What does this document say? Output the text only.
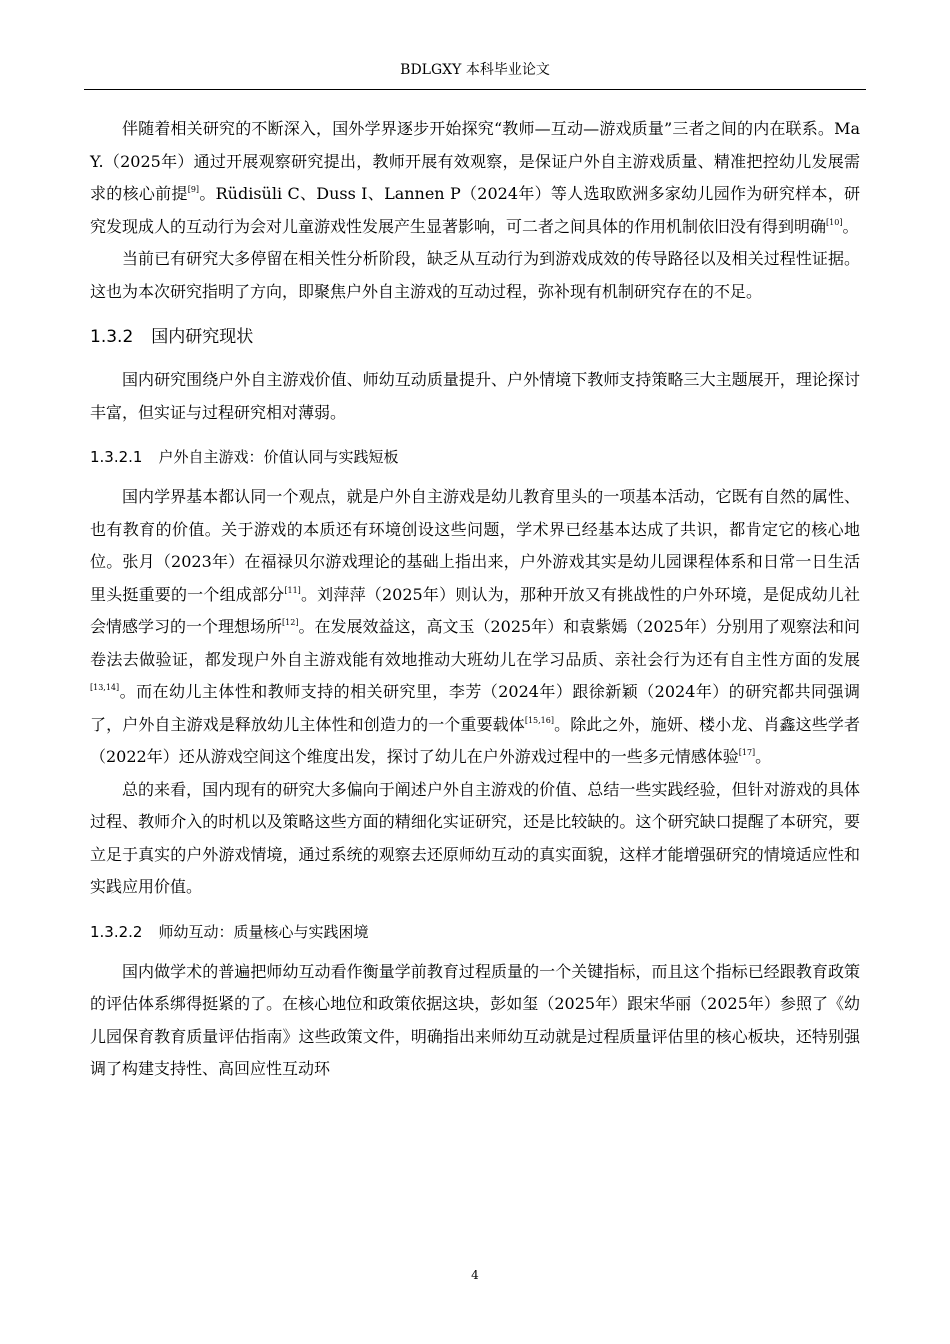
BDLGXY 本科毕业论文

伴随着相关研究的不断深入，国外学界逐步开始探究“教师—互动—游戏质量”三者之间的内在联系。Ma Y.（2025年）通过开展观察研究提出，教师开展有效观察，是保证户外自主游戏质量、精准把控幼儿发展需求的核心前提[9]。Rüdisüli C、Duss I、Lannen P（2024年）等人选取欧洲多家幼儿园作为研究样本，研究发现成人的互动行为会对儿童游戏性发展产生显著影响，可二者之间具体的作用机制依旧没有得到明确[10]。

当前已有研究大多停留在相关性分析阶段，缺乏从互动行为到游戏成效的传导路径以及相关过程性证据。这也为本次研究指明了方向，即聚焦户外自主游戏的互动过程，弥补现有机制研究存在的不足。

1.3.2 国内研究现状

国内研究围绕户外自主游戏价值、师幼互动质量提升、户外情境下教师支持策略三大主题展开，理论探讨丰富，但实证与过程研究相对薄弱。

1.3.2.1 户外自主游戏：价值认同与实践短板

国内学界基本都认同一个观点，就是户外自主游戏是幼儿教育里头的一项基本活动，它既有自然的属性、也有教育的价值。关于游戏的本质还有环境创设这些问题，学术界已经基本达成了共识，都肯定它的核心地位。张月（2023年）在福禄贝尔游戏理论的基础上指出来，户外游戏其实是幼儿园课程体系和日常一日生活里头挺重要的一个组成部分[11]。刘萍萍（2025年）则认为，那种开放又有挑战性的户外环境，是促成幼儿社会情感学习的一个理想场所[12]。在发展效益这，高文玉（2025年）和袁紫嫣（2025年）分别用了观察法和问卷法去做验证，都发现户外自主游戏能有效地推动大班幼儿在学习品质、亲社会行为还有自主性方面的发展[13,14]。而在幼儿主体性和教师支持的相关研究里，李芳（2024年）跟徐新颖（2024年）的研究都共同强调了，户外自主游戏是释放幼儿主体性和创造力的一个重要载体[15,16]。除此之外，施妍、楼小龙、肖鑫这些学者（2022年）还从游戏空间这个维度出发，探讨了幼儿在户外游戏过程中的一些多元情感体验[17]。

总的来看，国内现有的研究大多偏向于阐述户外自主游戏的价值、总结一些实践经验，但针对游戏的具体过程、教师介入的时机以及策略这些方面的精细化实证研究，还是比较缺的。这个研究缺口提醒了本研究，要立足于真实的户外游戏情境，通过系统的观察去还原师幼互动的真实面貌，这样才能增强研究的情境适应性和实践应用价值。

1.3.2.2 师幼互动：质量核心与实践困境

国内做学术的普遍把师幼互动看作衡量学前教育过程质量的一个关键指标，而且这个指标已经跟教育政策的评估体系绑得挺紧的了。在核心地位和政策依据这块，彭如玺（2025年）跟宋华丽（2025年）参照了《幼儿园保育教育质量评估指南》这些政策文件，明确指出来师幼互动就是过程质量评估里的核心板块，还特别强调了构建支持性、高回应性互动环

4
